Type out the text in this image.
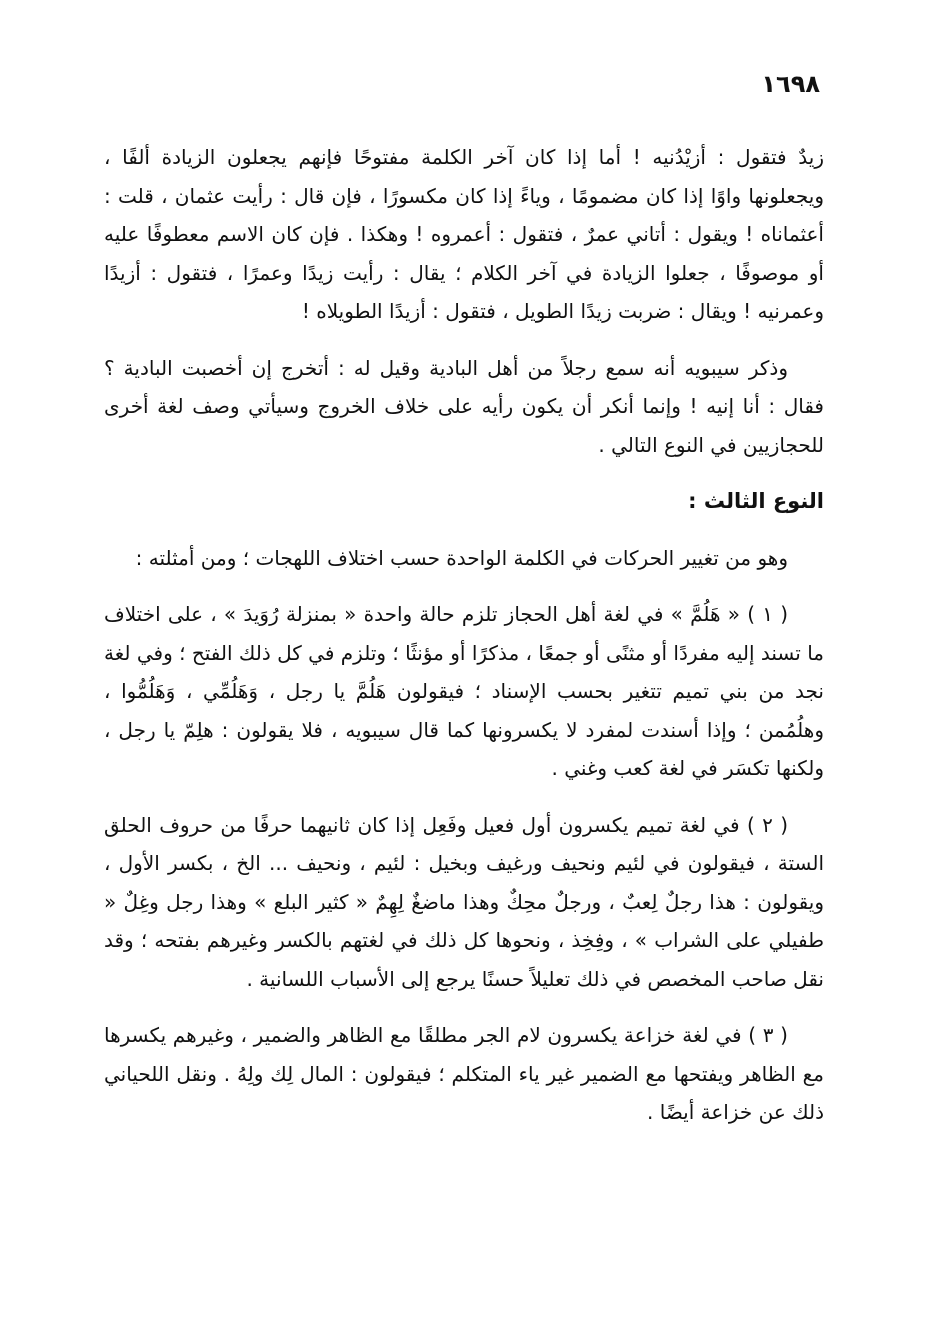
١٦٩٨

زيدٌ فتقول : أزيْدُنيه ! أما إذا كان آخر الكلمة مفتوحًا فإنهم يجعلون الزيادة ألفًا ، ويجعلونها واوًا إذا كان مضمومًا ، وياءً إذا كان مكسورًا ، فإن قال : رأيت عثمان ، قلت : أعثماناه ! ويقول : أتاني عمرٌ ، فتقول : أعمروه ! وهكذا . فإن كان الاسم معطوفًا عليه أو موصوفًا ، جعلوا الزيادة في آخر الكلام ؛ يقال : رأيت زيدًا وعمرًا ، فتقول : أزيدًا وعمرنيه ! ويقال : ضربت زيدًا الطويل ، فتقول : أزيدًا الطويلاه !

وذكر سيبويه أنه سمع رجلاً من أهل البادية وقيل له : أتخرج إن أخصبت البادية ؟ فقال : أنا إنيه ! وإنما أنكر أن يكون رأيه على خلاف الخروج وسيأتي وصف لغة أخرى للحجازيين في النوع التالي .

النوع الثالث :

وهو من تغيير الحركات في الكلمة الواحدة حسب اختلاف اللهجات ؛ ومن أمثلته :

( ١ ) « هَلُمَّ » في لغة أهل الحجاز تلزم حالة واحدة « بمنزلة رُوَيدَ » ، على اختلاف ما تسند إليه مفردًا أو مثنًى أو جمعًا ، مذكرًا أو مؤنثًا ؛ وتلزم في كل ذلك الفتح ؛ وفي لغة نجد من بني تميم تتغير بحسب الإسناد ؛ فيقولون هَلُمَّ يا رجل ، وَهَلُمِّي ، وَهَلُمُّوا ، وهلُمُمن ؛ وإذا أسندت لمفرد لا يكسرونها كما قال سيبويه ، فلا يقولون : هلِمّ يا رجل ، ولكنها تكسَر في لغة كعب وغني .

( ٢ ) في لغة تميم يكسرون أول فعيل وفَعِل إذا كان ثانيهما حرفًا من حروف الحلق الستة ، فيقولون في لئيم ونحيف ورغيف وبخيل : لئيم ، ونحيف ... الخ ، بكسر الأول ، ويقولون : هذا رجلٌ لِعبٌ ، ورجلٌ محِكٌ وهذا ماضغٌ لِهِمٌ « كثير البلع » وهذا رجل وغِلٌ « طفيلي على الشراب » ، وفِخِذ ، ونحوها كل ذلك في لغتهم بالكسر وغيرهم بفتحه ؛ وقد نقل صاحب المخصص في ذلك تعليلاً حسنًا يرجع إلى الأسباب اللسانية .

( ٣ ) في لغة خزاعة يكسرون لام الجر مطلقًا مع الظاهر والضمير ، وغيرهم يكسرها مع الظاهر ويفتحها مع الضمير غير ياء المتكلم ؛ فيقولون : المال لِك ولِهُ . ونقل اللحياني ذلك عن خزاعة أيضًا .
